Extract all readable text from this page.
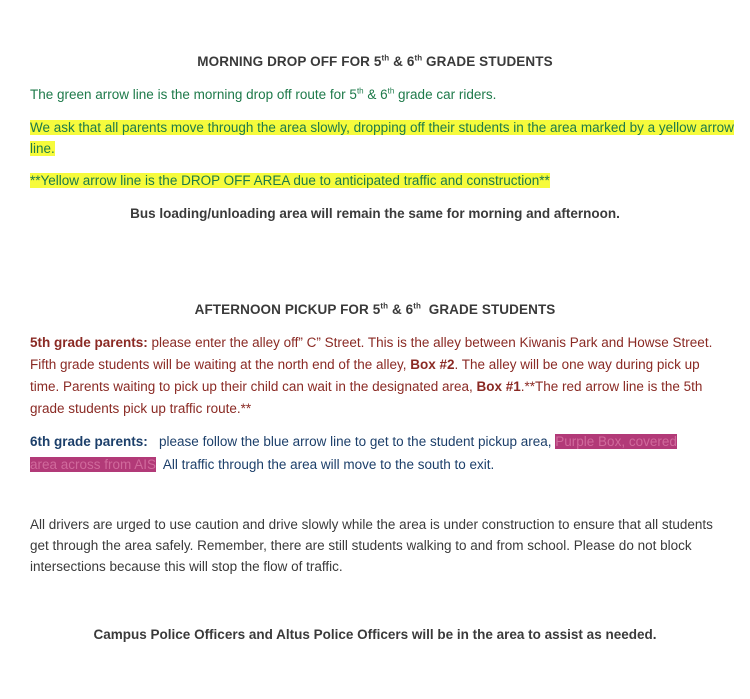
MORNING DROP OFF FOR 5th & 6th GRADE STUDENTS
The green arrow line is the morning drop off route for 5th & 6th grade car riders.
We ask that all parents move through the area slowly, dropping off their students in the area marked by a yellow arrow line.
**Yellow arrow line is the DROP OFF AREA due to anticipated traffic and construction**
Bus loading/unloading area will remain the same for morning and afternoon.
AFTERNOON PICKUP FOR 5th & 6th  GRADE STUDENTS
5th grade parents: please enter the alley off” C” Street. This is the alley between Kiwanis Park and Howse Street. Fifth grade students will be waiting at the north end of the alley, Box #2. The alley will be one way during pick up time. Parents waiting to pick up their child can wait in the designated area, Box #1.**The red arrow line is the 5th grade students pick up traffic route.**
6th grade parents:   please follow the blue arrow line to get to the student pickup area, Purple Box, covered area across from AIS  All traffic through the area will move to the south to exit.
All drivers are urged to use caution and drive slowly while the area is under construction to ensure that all students get through the area safely. Remember, there are still students walking to and from school. Please do not block intersections because this will stop the flow of traffic.
Campus Police Officers and Altus Police Officers will be in the area to assist as needed.
